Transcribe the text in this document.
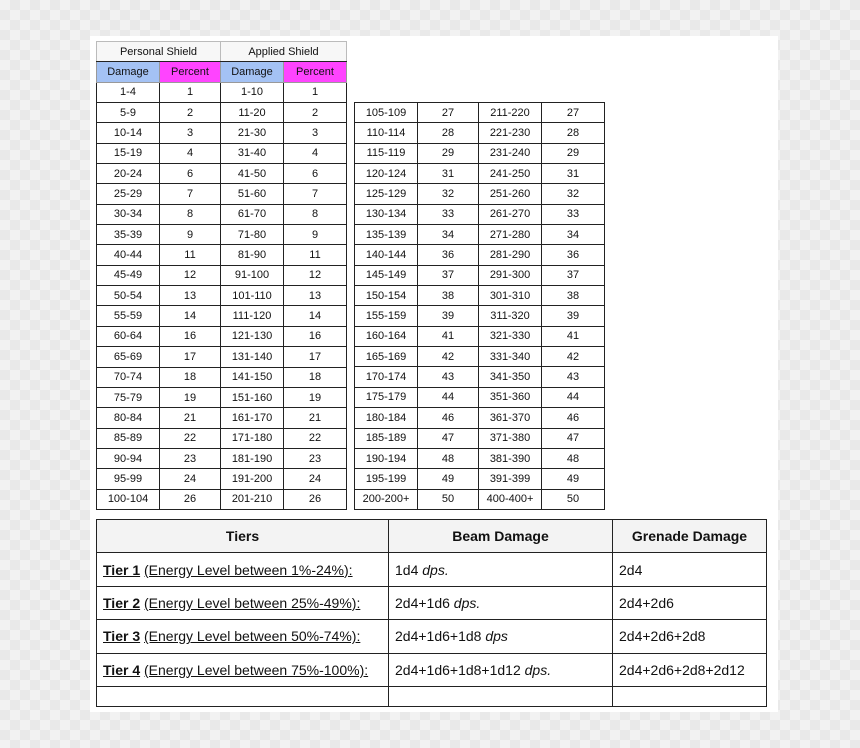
Personal Shield		Applied Shield	
Damage	Percent	Damage	Percent
1-4	1	1-10	1
5-9	2	11-20	2
10-14	3	21-30	3
15-19	4	31-40	4
20-24	6	41-50	6
25-29	7	51-60	7
30-34	8	61-70	8
35-39	9	71-80	9
40-44	11	81-90	11
45-49	12	91-100	12
50-54	13	101-110	13
55-59	14	111-120	14
60-64	16	121-130	16
65-69	17	131-140	17
70-74	18	141-150	18
75-79	19	151-160	19
80-84	21	161-170	21
85-89	22	171-180	22
90-94	23	181-190	23
95-99	24	191-200	24
100-104	26	201-210	26
105-109	27	211-220	27
110-114	28	221-230	28
115-119	29	231-240	29
120-124	31	241-250	31
125-129	32	251-260	32
130-134	33	261-270	33
135-139	34	271-280	34
140-144	36	281-290	36
145-149	37	291-300	37
150-154	38	301-310	38
155-159	39	311-320	39
160-164	41	321-330	41
165-169	42	331-340	42
170-174	43	341-350	43
175-179	44	351-360	44
180-184	46	361-370	46
185-189	47	371-380	47
190-194	48	381-390	48
195-199	49	391-399	49
200-200+	50	400-400+	50
Tiers	Beam Damage	Grenade Damage
Tier 1 (Energy Level between 1%-24%):	1d4 dps.	2d4
Tier 2 (Energy Level between 25%-49%):	2d4+1d6 dps.	2d4+2d6
Tier 3 (Energy Level between 50%-74%):	2d4+1d6+1d8 dps	2d4+2d6+2d8
Tier 4 (Energy Level between 75%-100%):	2d4+1d6+1d8+1d12 dps.	2d4+2d6+2d8+2d12
